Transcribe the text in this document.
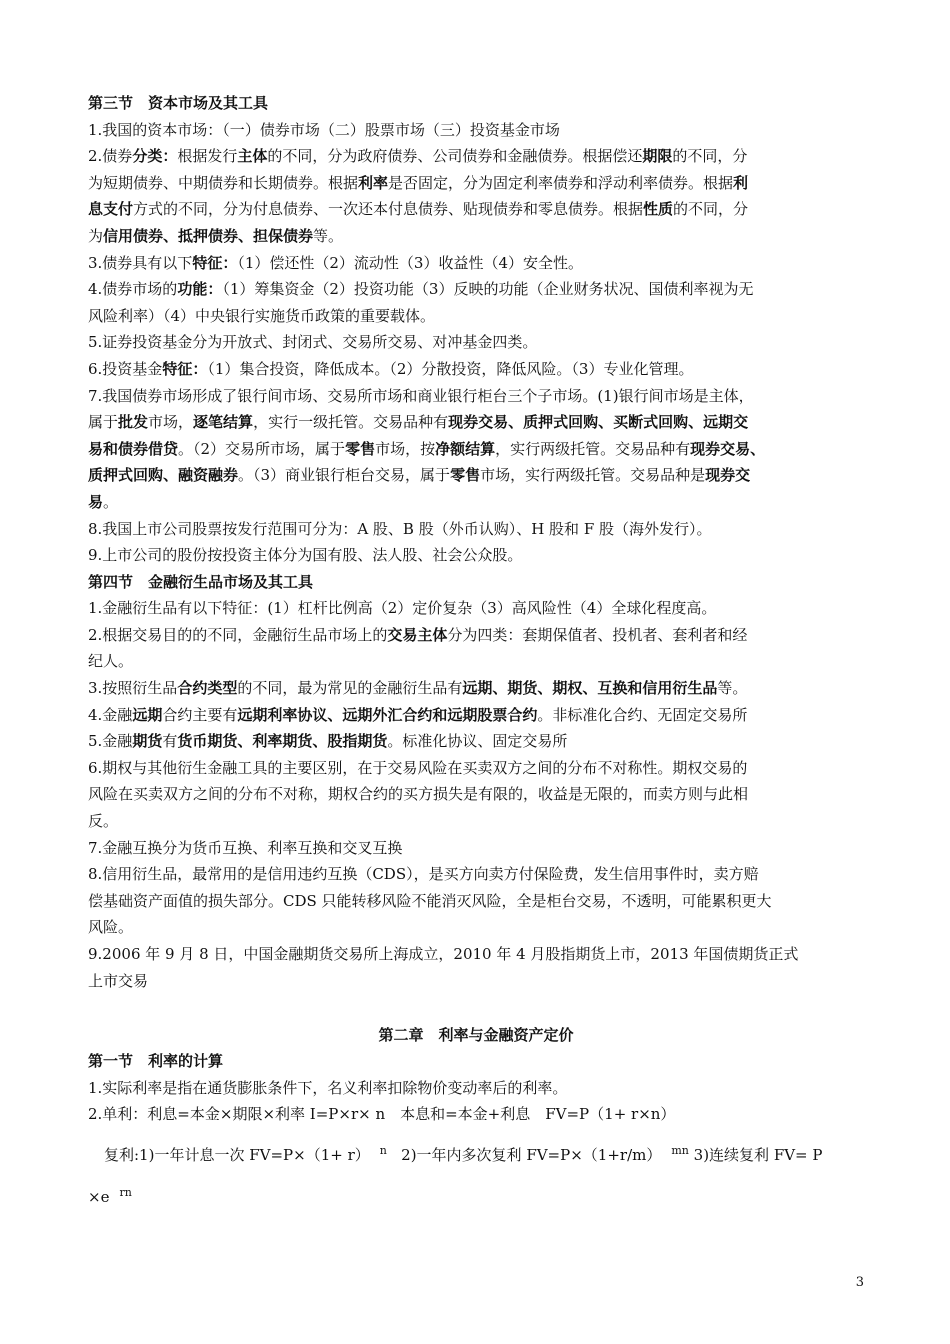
第三节　资本市场及其工具

1.我国的资本市场：（一）债券市场（二）股票市场（三）投资基金市场

2.债券分类：根据发行主体的不同，分为政府债券、公司债券和金融债券。根据偿还期限的不同，分

为短期债券、中期债券和长期债券。根据利率是否固定，分为固定利率债券和浮动利率债券。根据利

息支付方式的不同，分为付息债券、一次还本付息债券、贴现债券和零息债券。根据性质的不同，分

为信用债券、抵押债券、担保债券等。

3.债券具有以下特征：（1）偿还性（2）流动性（3）收益性（4）安全性。

4.债券市场的功能：（1）筹集资金（2）投资功能（3）反映的功能（企业财务状况、国债利率视为无

风险利率）（4）中央银行实施货币政策的重要载体。

5.证券投资基金分为开放式、封闭式、交易所交易、对冲基金四类。

6.投资基金特征：（1）集合投资，降低成本。（2）分散投资，降低风险。（3）专业化管理。

7.我国债券市场形成了银行间市场、交易所市场和商业银行柜台三个子市场。(1)银行间市场是主体，

属于批发市场，逐笔结算，实行一级托管。交易品种有现券交易、质押式回购、买断式回购、远期交

易和债券借贷。（2）交易所市场，属于零售市场，按净额结算，实行两级托管。交易品种有现券交易、

质押式回购、融资融券。（3）商业银行柜台交易，属于零售市场，实行两级托管。交易品种是现券交

易。

8.我国上市公司股票按发行范围可分为：A 股、B 股（外币认购）、H 股和 F 股（海外发行）。

9.上市公司的股份按投资主体分为国有股、法人股、社会公众股。

第四节　金融衍生品市场及其工具

1.金融衍生品有以下特征：(1）杠杆比例高（2）定价复杂（3）高风险性（4）全球化程度高。

2.根据交易目的的不同，金融衍生品市场上的交易主体分为四类：套期保值者、投机者、套利者和经

纪人。

3.按照衍生品合约类型的不同，最为常见的金融衍生品有远期、期货、期权、互换和信用衍生品等。

4.金融远期合约主要有远期利率协议、远期外汇合约和远期股票合约。非标准化合约、无固定交易所

5.金融期货有货币期货、利率期货、股指期货。标准化协议、固定交易所

6.期权与其他衍生金融工具的主要区别，在于交易风险在买卖双方之间的分布不对称性。期权交易的

风险在买卖双方之间的分布不对称，期权合约的买方损失是有限的，收益是无限的，而卖方则与此相

反。

7.金融互换分为货币互换、利率互换和交叉互换

8.信用衍生品，最常用的是信用违约互换（CDS），是买方向卖方付保险费，发生信用事件时，卖方赔

偿基础资产面值的损失部分。CDS 只能转移风险不能消灭风险，全是柜台交易，不透明，可能累积更大

风险。

9.2006 年 9 月 8 日，中国金融期货交易所上海成立，2010 年 4 月股指期货上市，2013 年国债期货正式

上市交易

第二章　利率与金融资产定价

第一节　利率的计算

1.实际利率是指在通货膨胀条件下，名义利率扣除物价变动率后的利率。

2.单利：利息=本金×期限×利率 I=P×r× n　本息和=本金+利息　FV=P（1+ r×n）

复利:1)一年计息一次 FV=P×（1+ r） $^n$ 2)一年内多次复利 FV=P×（1+r/m） $^{mn}$ 3)连续复利 FV= P

×e $^{rn}$

3
